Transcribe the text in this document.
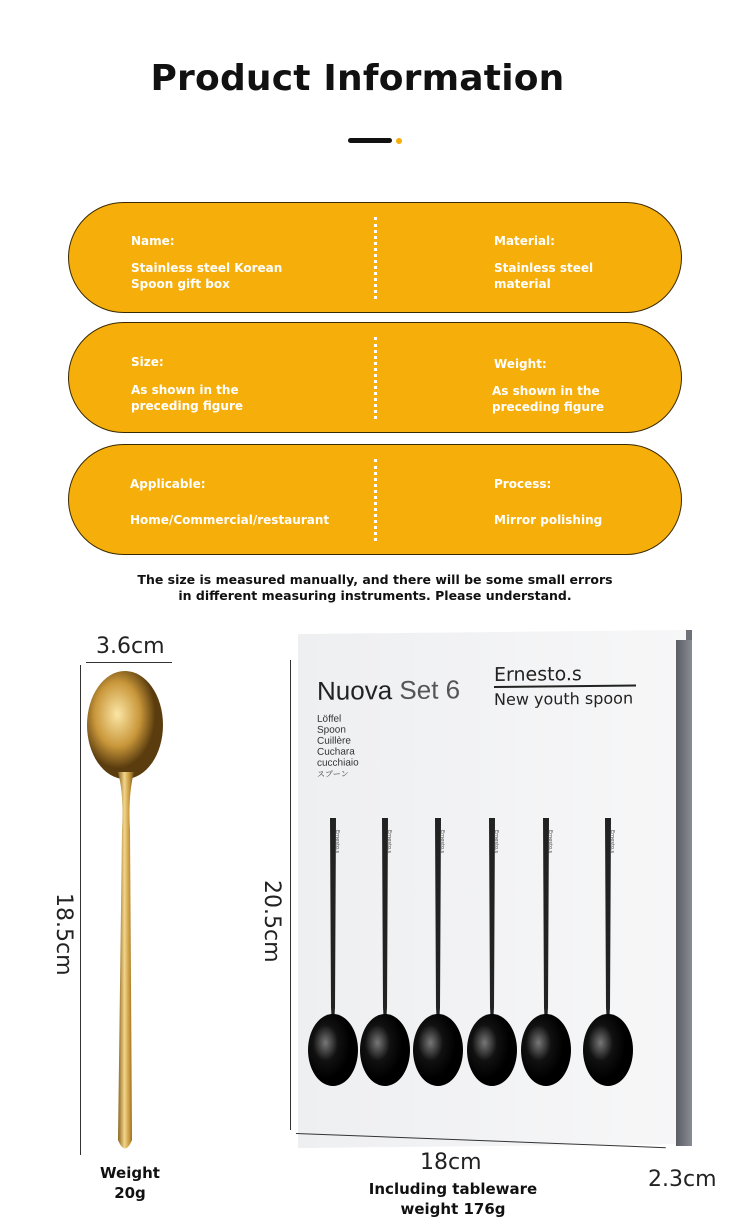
Product Information
Name:
Stainless steel Korean Spoon gift box
Material:
Stainless steel material
Size:
As shown in the preceding figure
Weight:
As shown in the preceding figure
Applicable:
Home/Commercial/restaurant
Process:
Mirror polishing
The size is measured manually, and there will be some small errors in different measuring instruments. Please understand.
3.6cm
18.5cm
Weight
20g
20.5cm
Nuova Set 6
Löffel
Spoon
Cuillère
Cuchara
cucchiaio
スプーン
Ernesto.s
New youth spoon
Ernesto.s	Ernesto.s	Ernesto.s	Ernesto.s	Ernesto.s	Ernesto.s
18cm
2.3cm
Including tableware
weight 176g
